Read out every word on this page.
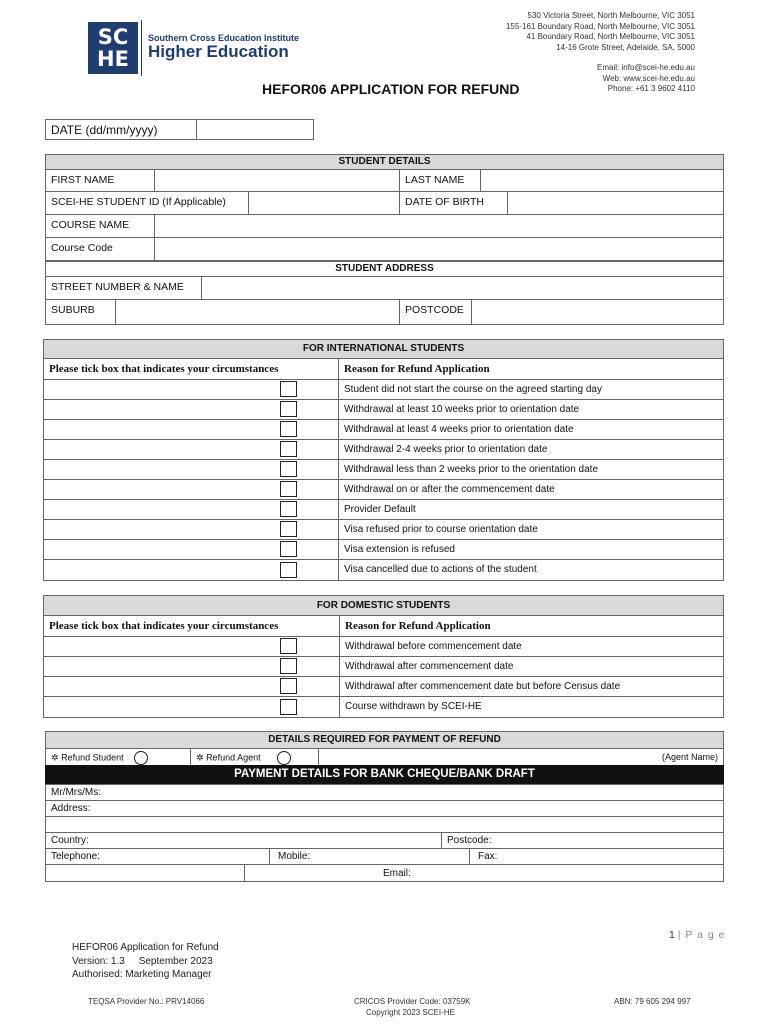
SC
HE
Southern Cross Education Institute
Higher Education
530 Victoria Street, North Melbourne, VIC 3051
155-161 Boundary Road, North Melbourne, VIC 3051
41 Boundary Road, North Melbourne, VIC 3051
14-16 Grote Street, Adelaide, SA, 5000
Email: info@scei-he.edu.au
Web: www.scei-he.edu.au
Phone: +61 3 9602 4110
HEFOR06 APPLICATION FOR REFUND
DATE (dd/mm/yyyy)
STUDENT DETAILS
FIRST NAME	LAST NAME
SCEI-HE STUDENT ID (If Applicable)	DATE OF BIRTH
COURSE NAME
Course Code
STUDENT ADDRESS
STREET NUMBER & NAME
SUBURB	POSTCODE
FOR INTERNATIONAL STUDENTS
Please tick box that indicates your circumstances	Reason for Refund Application
Student did not start the course on the agreed starting day
Withdrawal at least 10 weeks prior to orientation date
Withdrawal at least 4 weeks prior to orientation date
Withdrawal 2-4 weeks prior to orientation date
Withdrawal less than 2 weeks prior to the orientation date
Withdrawal on or after the commencement date
Provider Default
Visa refused prior to course orientation date
Visa extension is refused
Visa cancelled due to actions of the student
FOR DOMESTIC STUDENTS
Please tick box that indicates your circumstances	Reason for Refund Application
Withdrawal before commencement date
Withdrawal after commencement date
Withdrawal after commencement date but before Census date
Course withdrawn by SCEI-HE
DETAILS REQUIRED FOR PAYMENT OF REFUND
✲ Refund Student	✲ Refund Agent	(Agent Name)
PAYMENT DETAILS FOR BANK CHEQUE/BANK DRAFT
Mr/Mrs/Ms:
Address:
Country:	Postcode:
Telephone:	Mobile:	Fax:
Email:
1 | P a g e
HEFOR06 Application for Refund
Version: 1.3     September 2023
Authorised: Marketing Manager
TEQSA Provider No.: PRV14066	CRICOS Provider Code: 03759K
Copyright 2023 SCEI-HE
ABN: 79 605 294 997
